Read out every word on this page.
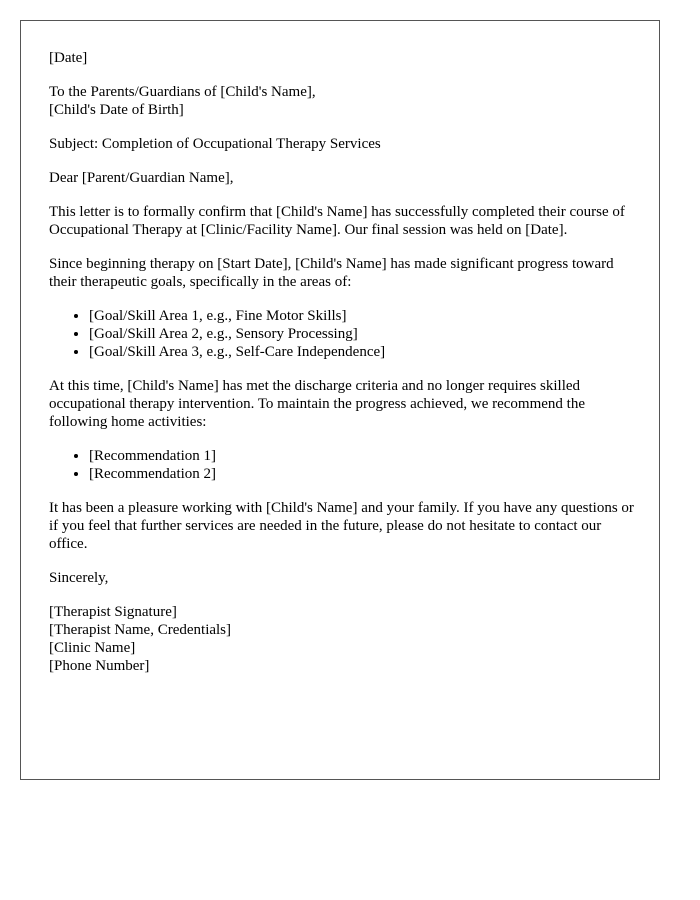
[Date]
To the Parents/Guardians of [Child's Name],
[Child's Date of Birth]
Subject: Completion of Occupational Therapy Services
Dear [Parent/Guardian Name],

This letter is to formally confirm that [Child's Name] has successfully completed their course of Occupational Therapy at [Clinic/Facility Name]. Our final session was held on [Date].

Since beginning therapy on [Start Date], [Child's Name] has made significant progress toward their therapeutic goals, specifically in the areas of:

• [Goal/Skill Area 1, e.g., Fine Motor Skills]
• [Goal/Skill Area 2, e.g., Sensory Processing]
• [Goal/Skill Area 3, e.g., Self-Care Independence]

At this time, [Child's Name] has met the discharge criteria and no longer requires skilled occupational therapy intervention. To maintain the progress achieved, we recommend the following home activities:

• [Recommendation 1]
• [Recommendation 2]

It has been a pleasure working with [Child's Name] and your family. If you have any questions or if you feel that further services are needed in the future, please do not hesitate to contact our office.

Sincerely,
[Therapist Signature]
[Therapist Name, Credentials]
[Clinic Name]
[Phone Number]
